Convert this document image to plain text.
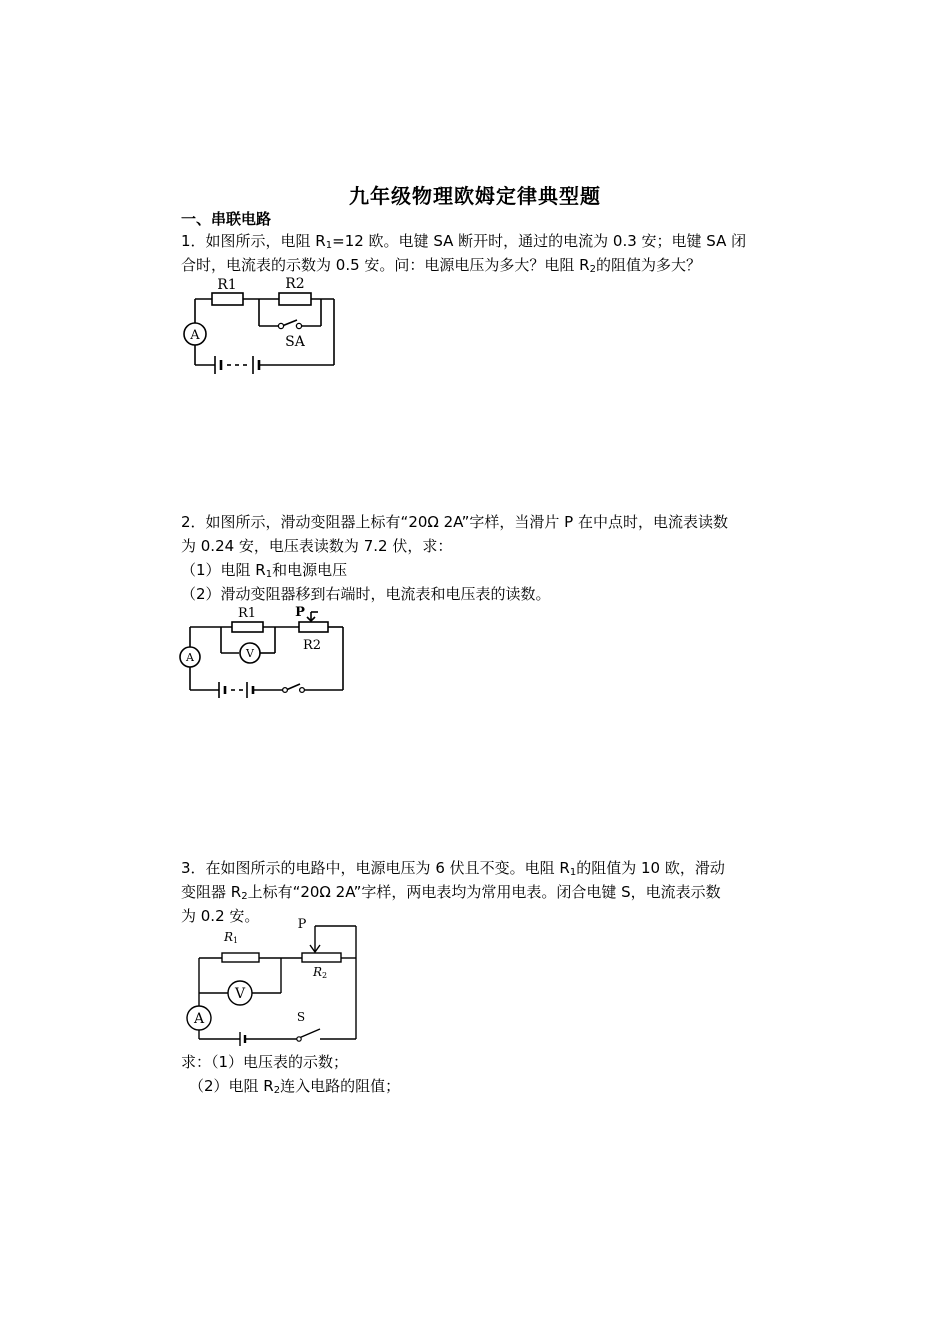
九年级物理欧姆定律典型题
一、串联电路

1．如图所示，电阻 $R_1=12$ 欧。电键 SA 断开时，通过的电流为 0.3 安；电键 SA 闭

合时，电流表的示数为 0.5 安。问：电源电压为多大？电阻 $R_2$的阻值为多大？

R1	R2
SA
A

2．如图所示，滑动变阻器上标有“20Ω 2A”字样，当滑片 P 在中点时，电流表读数

为 0.24 安，电压表读数为 7.2 伏，求：

（1）电阻 $R_1$和电源电压

（2）滑动变阻器移到右端时，电流表和电压表的读数。

R1	P
R2
V
A

3．在如图所示的电路中，电源电压为 6 伏且不变。电阻 $R_1$的阻值为 10 欧，滑动

变阻器 $R_2$上标有“20Ω 2A”字样，两电表均为常用电表。闭合电键 S，电流表示数

为 0.2 安。	P
R1
R2
V
A	S

求：（1）电压表的示数；

（2）电阻 $R_2$连入电路的阻值；
